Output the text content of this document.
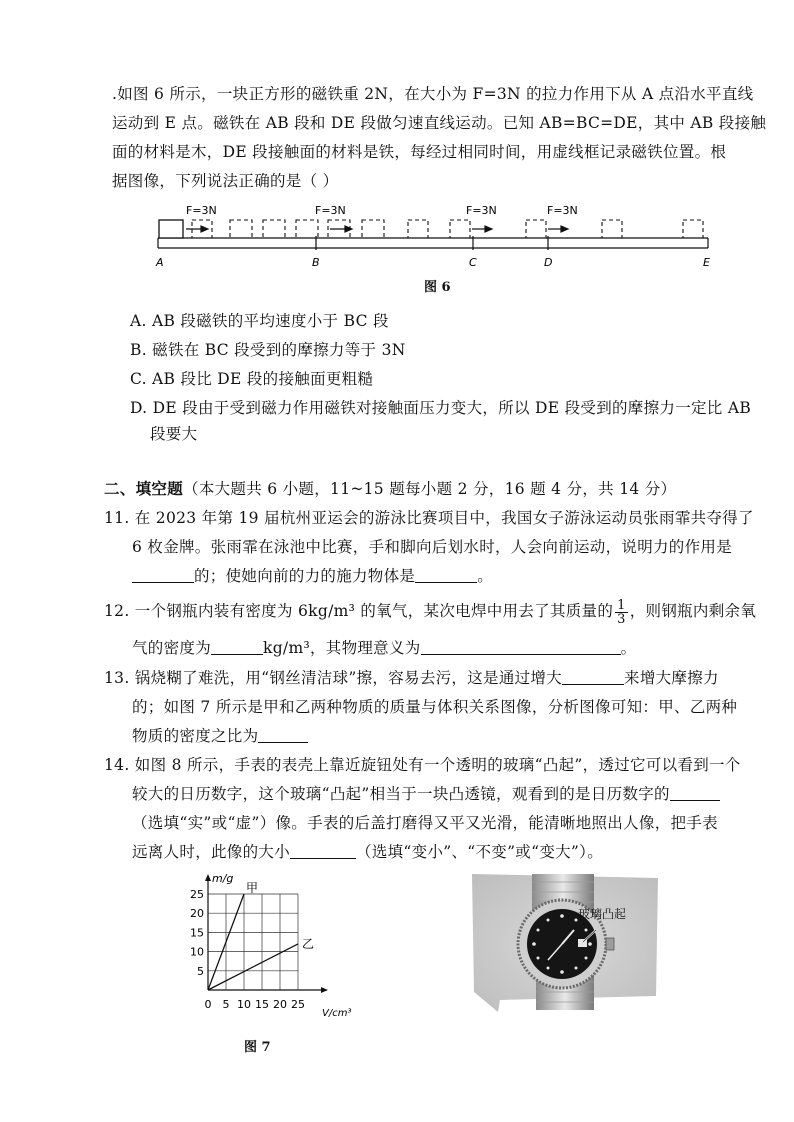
.如图 6 所示，一块正方形的磁铁重 2N，在大小为 F=3N 的拉力作用下从 A 点沿水平直线
运动到 E 点。磁铁在 AB 段和 DE 段做匀速直线运动。已知 AB=BC=DE，其中 AB 段接触
面的材料是木，DE 段接触面的材料是铁，每经过相同时间，用虚线框记录磁铁位置。根
据图像，下列说法正确的是（ ）
F=3N	F=3N	F=3N	F=3N
A	B	C	D	E
图 6
A. AB 段磁铁的平均速度小于 BC 段
B. 磁铁在 BC 段受到的摩擦力等于 3N
C. AB 段比 DE 段的接触面更粗糙
D. DE 段由于受到磁力作用磁铁对接触面压力变大，所以 DE 段受到的摩擦力一定比 AB
段要大
二、填空题（本大题共 6 小题，11~15 题每小题 2 分，16 题 4 分，共 14 分）
11. 在 2023 年第 19 届杭州亚运会的游泳比赛项目中，我国女子游泳运动员张雨霏共夺得了
6 枚金牌。张雨霏在泳池中比赛，手和脚向后划水时，人会向前运动，说明力的作用是
的；使她向前的力的施力物体是	。
12. 一个钢瓶内装有密度为 6kg/m³ 的氧气，某次电焊中用去了其质量的 $\frac{1}{3}$ ，则钢瓶内剩余氧
气的密度为	kg/m³，其物理意义为	。
13. 锅烧糊了难洗，用“钢丝清洁球”擦，容易去污，这是通过增大	来增大摩擦力
的；如图 7 所示是甲和乙两种物质的质量与体积关系图像，分析图像可知：甲、乙两种
物质的密度之比为
14. 如图 8 所示，手表的表壳上靠近旋钮处有一个透明的玻璃“凸起”，透过它可以看到一个
较大的日历数字，这个玻璃“凸起”相当于一块凸透镜，观看到的是日历数字的
（选填“实”或“虚”）像。手表的后盖打磨得又平又光滑，能清晰地照出人像，把手表
远离人时，此像的大小	（选填“变小”、“不变”或“变大”）。
5
10
15
20
25
0 5 10 15 20 25
m/g
V/cm³
甲
乙
图 7
玻璃凸起
